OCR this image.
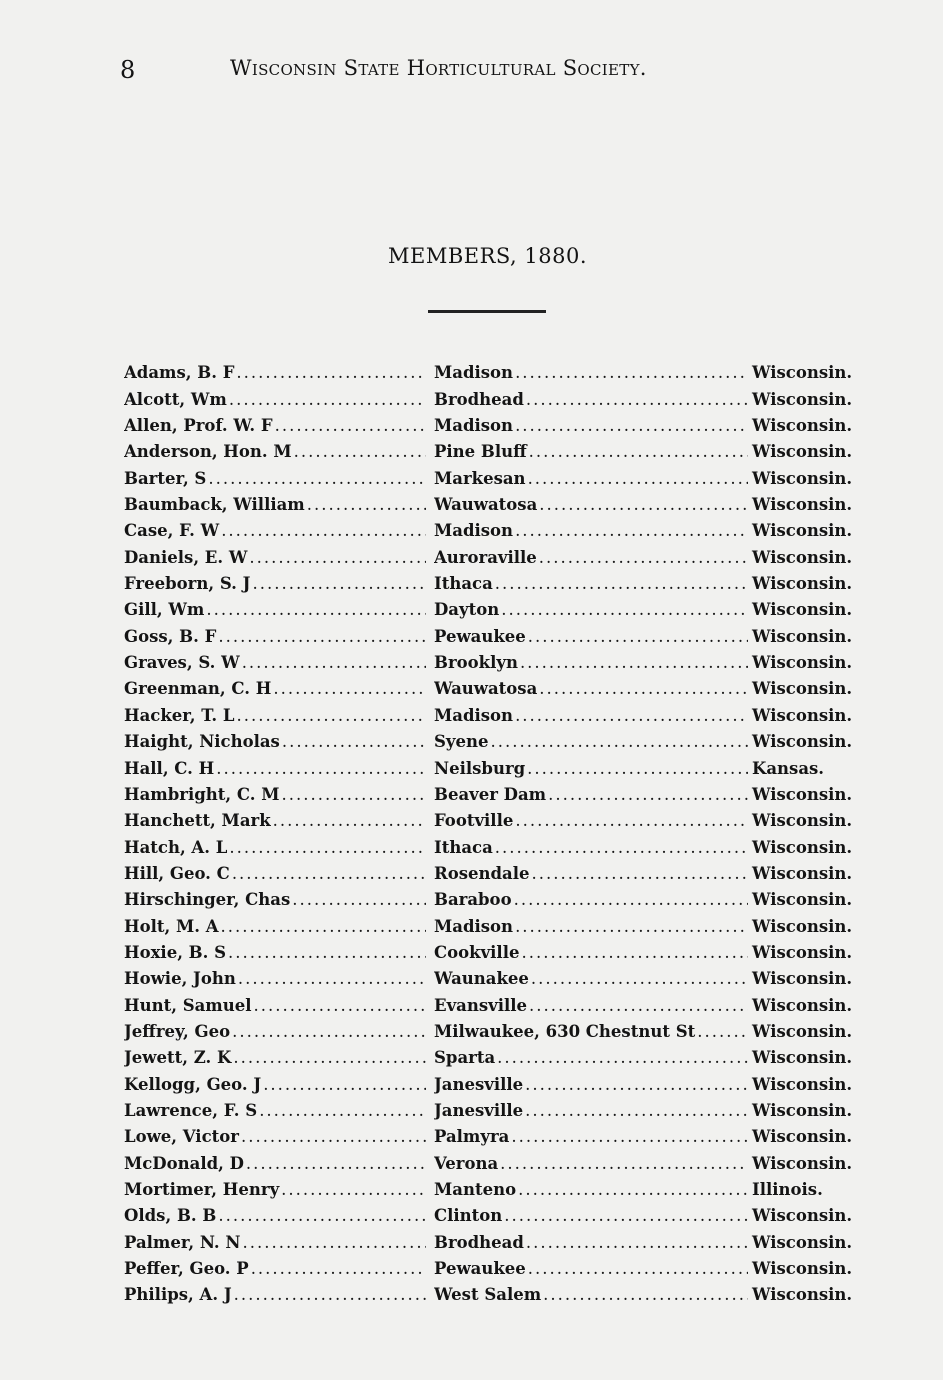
8	Wisconsin State Horticultural Society.
MEMBERS, 1880.
Adams, B. F .....	Madison .....	Wisconsin.
Alcott, Wm .....	Brodhead .....	Wisconsin.
Allen, Prof. W. F .....	Madison .....	Wisconsin.
Anderson, Hon. M .....	Pine Bluff .....	Wisconsin.
Barter, S .....	Markesan .....	Wisconsin.
Baumback, William .....	Wauwatosa .....	Wisconsin.
Case, F. W .....	Madison .....	Wisconsin.
Daniels, E. W .....	Auroraville .....	Wisconsin.
Freeborn, S. J .....	Ithaca .....	Wisconsin.
Gill, Wm .....	Dayton .....	Wisconsin.
Goss, B. F .....	Pewaukee .....	Wisconsin.
Graves, S. W .....	Brooklyn .....	Wisconsin.
Greenman, C. H .....	Wauwatosa .....	Wisconsin.
Hacker, T. L .....	Madison .....	Wisconsin.
Haight, Nicholas .....	Syene .....	Wisconsin.
Hall, C. H .....	Neilsburg .....	Kansas.
Hambright, C. M .....	Beaver Dam .....	Wisconsin.
Hanchett, Mark .....	Footville .....	Wisconsin.
Hatch, A. L .....	Ithaca .....	Wisconsin.
Hill, Geo. C .....	Rosendale .....	Wisconsin.
Hirschinger, Chas .....	Baraboo .....	Wisconsin.
Holt, M. A .....	Madison .....	Wisconsin.
Hoxie, B. S .....	Cookville .....	Wisconsin.
Howie, John .....	Waunakee .....	Wisconsin.
Hunt, Samuel .....	Evansville .....	Wisconsin.
Jeffrey, Geo .....	Milwaukee, 630 Chestnut St .....	Wisconsin.
Jewett, Z. K .....	Sparta .....	Wisconsin.
Kellogg, Geo. J .....	Janesville .....	Wisconsin.
Lawrence, F. S .....	Janesville .....	Wisconsin.
Lowe, Victor .....	Palmyra .....	Wisconsin.
McDonald, D .....	Verona .....	Wisconsin.
Mortimer, Henry .....	Manteno .....	Illinois.
Olds, B. B .....	Clinton .....	Wisconsin.
Palmer, N. N .....	Brodhead .....	Wisconsin.
Peffer, Geo. P .....	Pewaukee .....	Wisconsin.
Philips, A. J .....	West Salem .....	Wisconsin.
